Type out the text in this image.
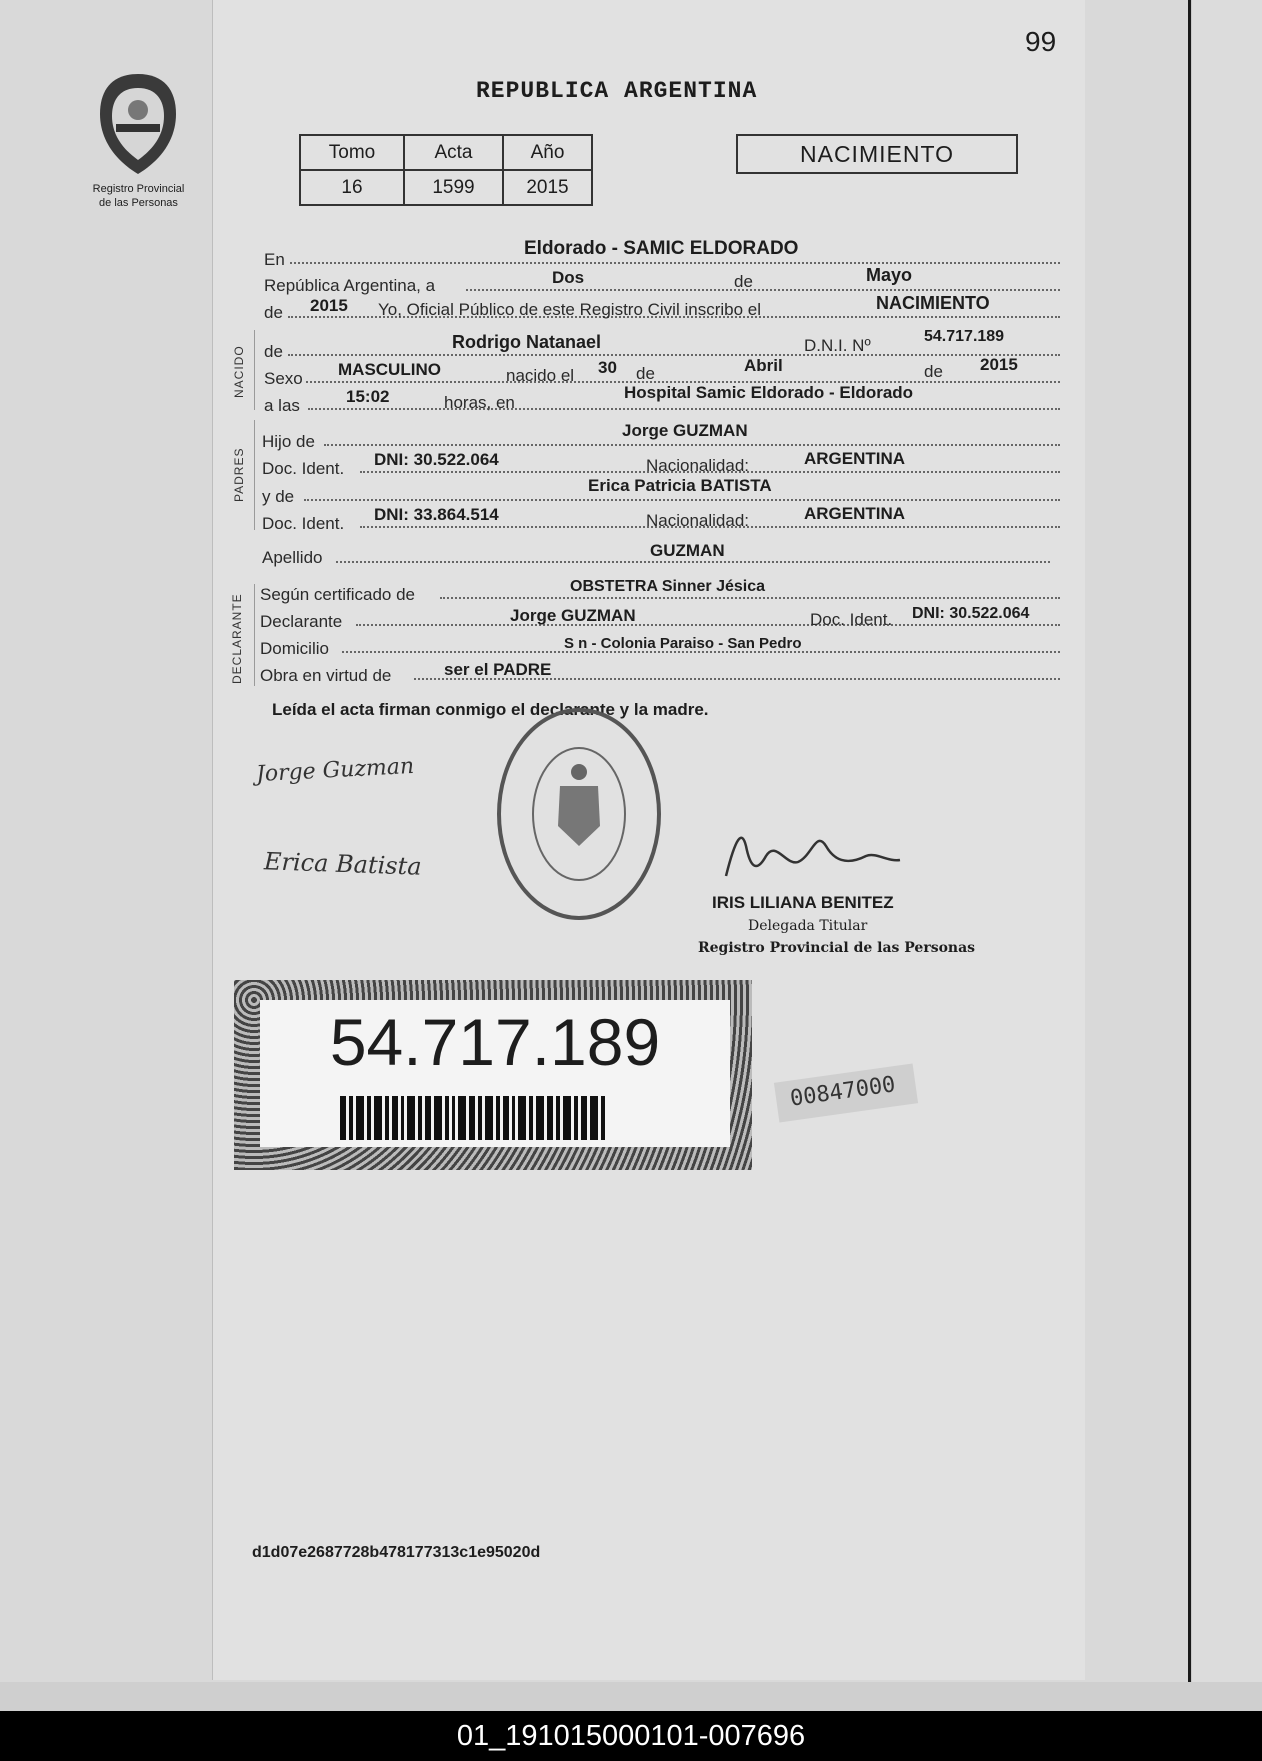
99
Registro Provincial
de las Personas
REPUBLICA ARGENTINA
Tomo	Acta	Año
16	1599	2015
NACIMIENTO
En
Eldorado - SAMIC ELDORADO
República Argentina, a	Dos	de	Mayo
de 2015 Yo, Oficial Público de este Registro Civil inscribo el	NACIMIENTO
NACIDO de	Rodrigo Natanael	D.N.I. Nº	54.717.189
Sexo MASCULINO	nacido el 30 de	Abril	de 2015
a las	15:02	horas, en
Hospital Samic Eldorado - Eldorado
PADRES
Hijo de
Jorge GUZMAN
Doc. Ident. DNI: 30.522.064	Nacionalidad:	ARGENTINA
y de
Erica Patricia BATISTA
Doc. Ident. DNI: 33.864.514	Nacionalidad:	ARGENTINA
Apellido	GUZMAN
DECLARANTE Según certificado de	OBSTETRA Sinner Jésica
Declarante	Jorge GUZMAN	Doc. Ident. DNI: 30.522.064
Domicilio	S n - Colonia Paraiso - San Pedro
Obra en virtud de	ser el PADRE
Leída el acta firman conmigo el declarante y la madre.
Jorge Guzman
Erica Batista
IRIS LILIANA BENITEZ
Delegada Titular
Registro Provincial de las Personas
54.717.189
00847000
d1d07e2687728b478177313c1e95020d
01_191015000101-007696
